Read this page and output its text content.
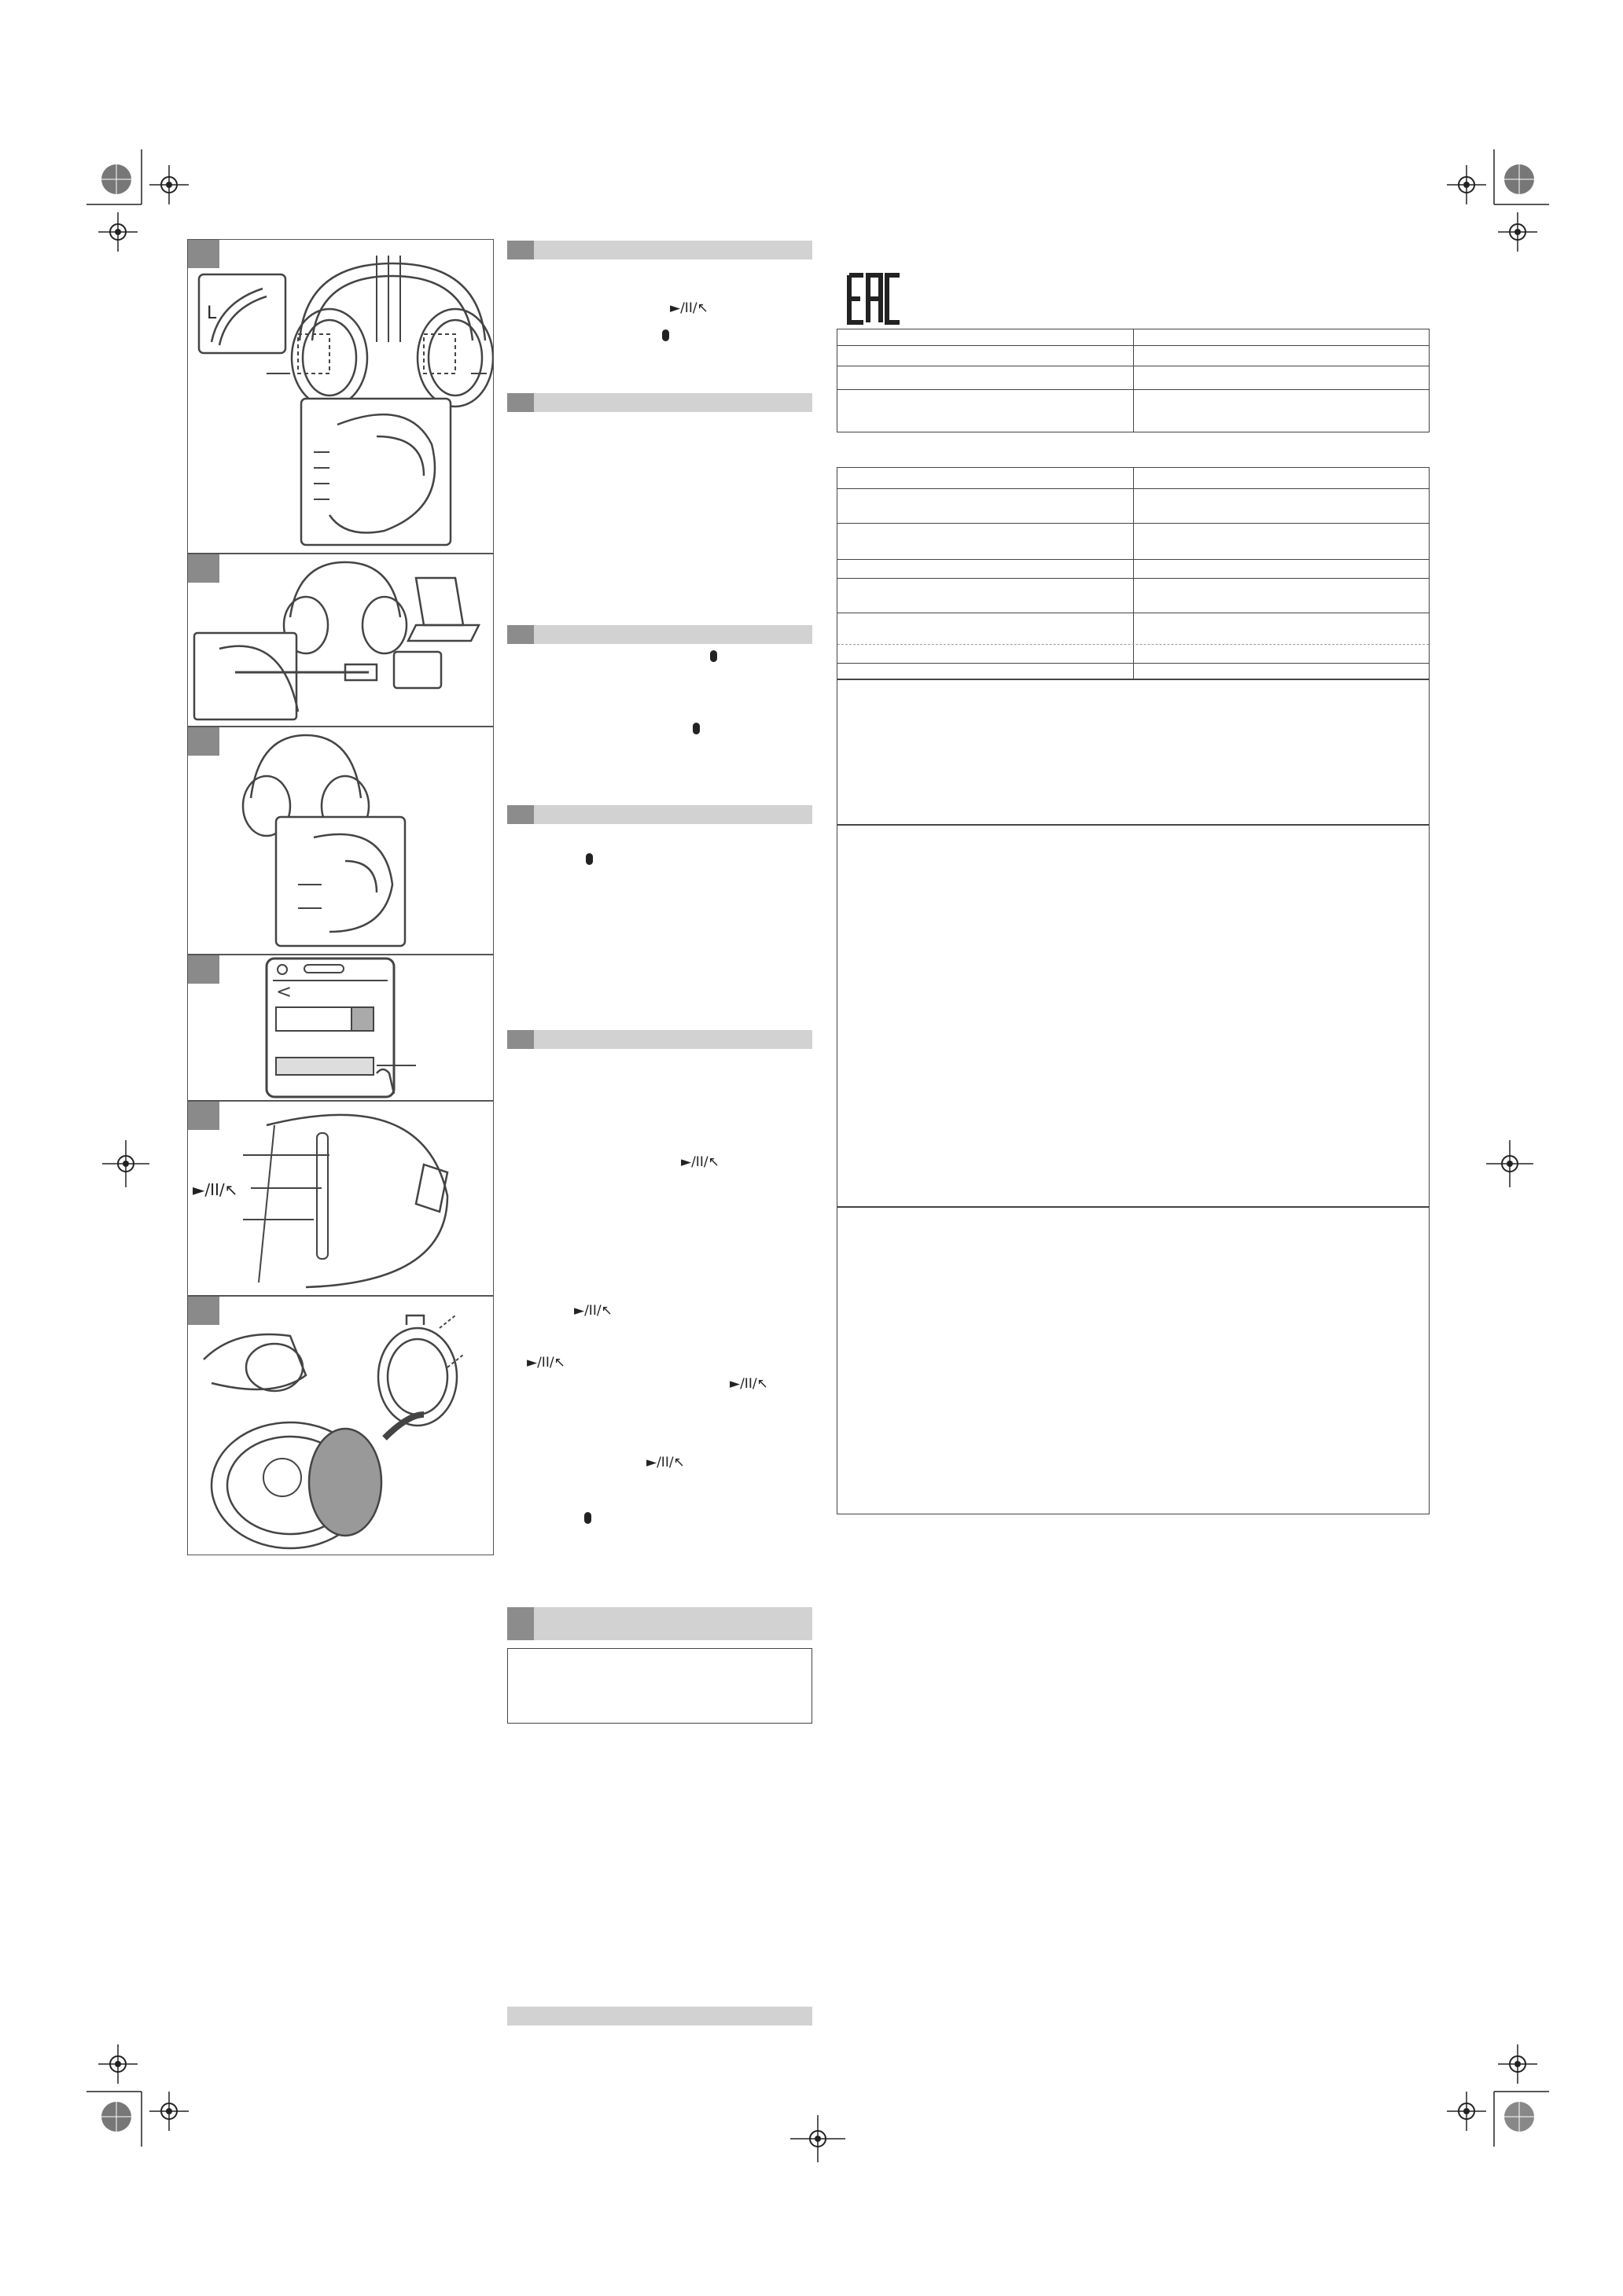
L
<
►/II/↖
►/II/↖
►/II/↖
►/II/↖
►/II/↖
►/II/↖
►/II/↖
